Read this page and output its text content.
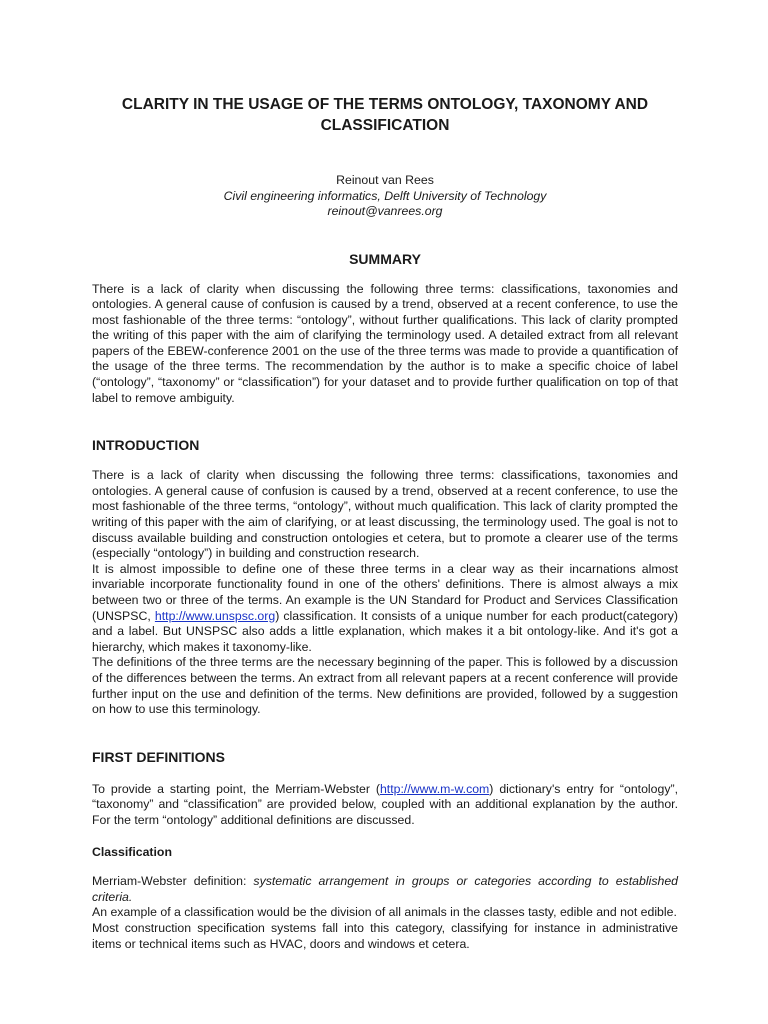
CLARITY IN THE USAGE OF THE TERMS ONTOLOGY, TAXONOMY AND CLASSIFICATION
Reinout van Rees
Civil engineering informatics, Delft University of Technology
reinout@vanrees.org
SUMMARY

There is a lack of clarity when discussing the following three terms: classifications, taxonomies and ontologies. A general cause of confusion is caused by a trend, observed at a recent conference, to use the most fashionable of the three terms: “ontology”, without further qualifications. This lack of clarity prompted the writing of this paper with the aim of clarifying the terminology used. A detailed extract from all relevant papers of the EBEW-conference 2001 on the use of the three terms was made to provide a quantification of the usage of the three terms. The recommendation by the author is to make a specific choice of label (“ontology”, “taxonomy” or “classification”) for your dataset and to provide further qualification on top of that label to remove ambiguity.

INTRODUCTION

There is a lack of clarity when discussing the following three terms: classifications, taxonomies and ontologies. A general cause of confusion is caused by a trend, observed at a recent conference, to use the most fashionable of the three terms, “ontology”, without much qualification. This lack of clarity prompted the writing of this paper with the aim of clarifying, or at least discussing, the terminology used. The goal is not to discuss available building and construction ontologies et cetera, but to promote a clearer use of the terms (especially “ontology”) in building and construction research.

It is almost impossible to define one of these three terms in a clear way as their incarnations almost invariable incorporate functionality found in one of the others' definitions. There is almost always a mix between two or three of the terms. An example is the UN Standard for Product and Services Classification (UNSPSC, http://www.unspsc.org) classification. It consists of a unique number for each product(category) and a label. But UNSPSC also adds a little explanation, which makes it a bit ontology-like. And it's got a hierarchy, which makes it taxonomy-like.

The definitions of the three terms are the necessary beginning of the paper. This is followed by a discussion of the differences between the terms. An extract from all relevant papers at a recent conference will provide further input on the use and definition of the terms. New definitions are provided, followed by a suggestion on how to use this terminology.

FIRST DEFINITIONS

To provide a starting point, the Merriam-Webster (http://www.m-w.com) dictionary's entry for “ontology”, “taxonomy” and “classification” are provided below, coupled with an additional explanation by the author. For the term “ontology” additional definitions are discussed.

Classification

Merriam-Webster definition: systematic arrangement in groups or categories according to established criteria.

An example of a classification would be the division of all animals in the classes tasty, edible and not edible.

Most construction specification systems fall into this category, classifying for instance in administrative items or technical items such as HVAC, doors and windows et cetera.
